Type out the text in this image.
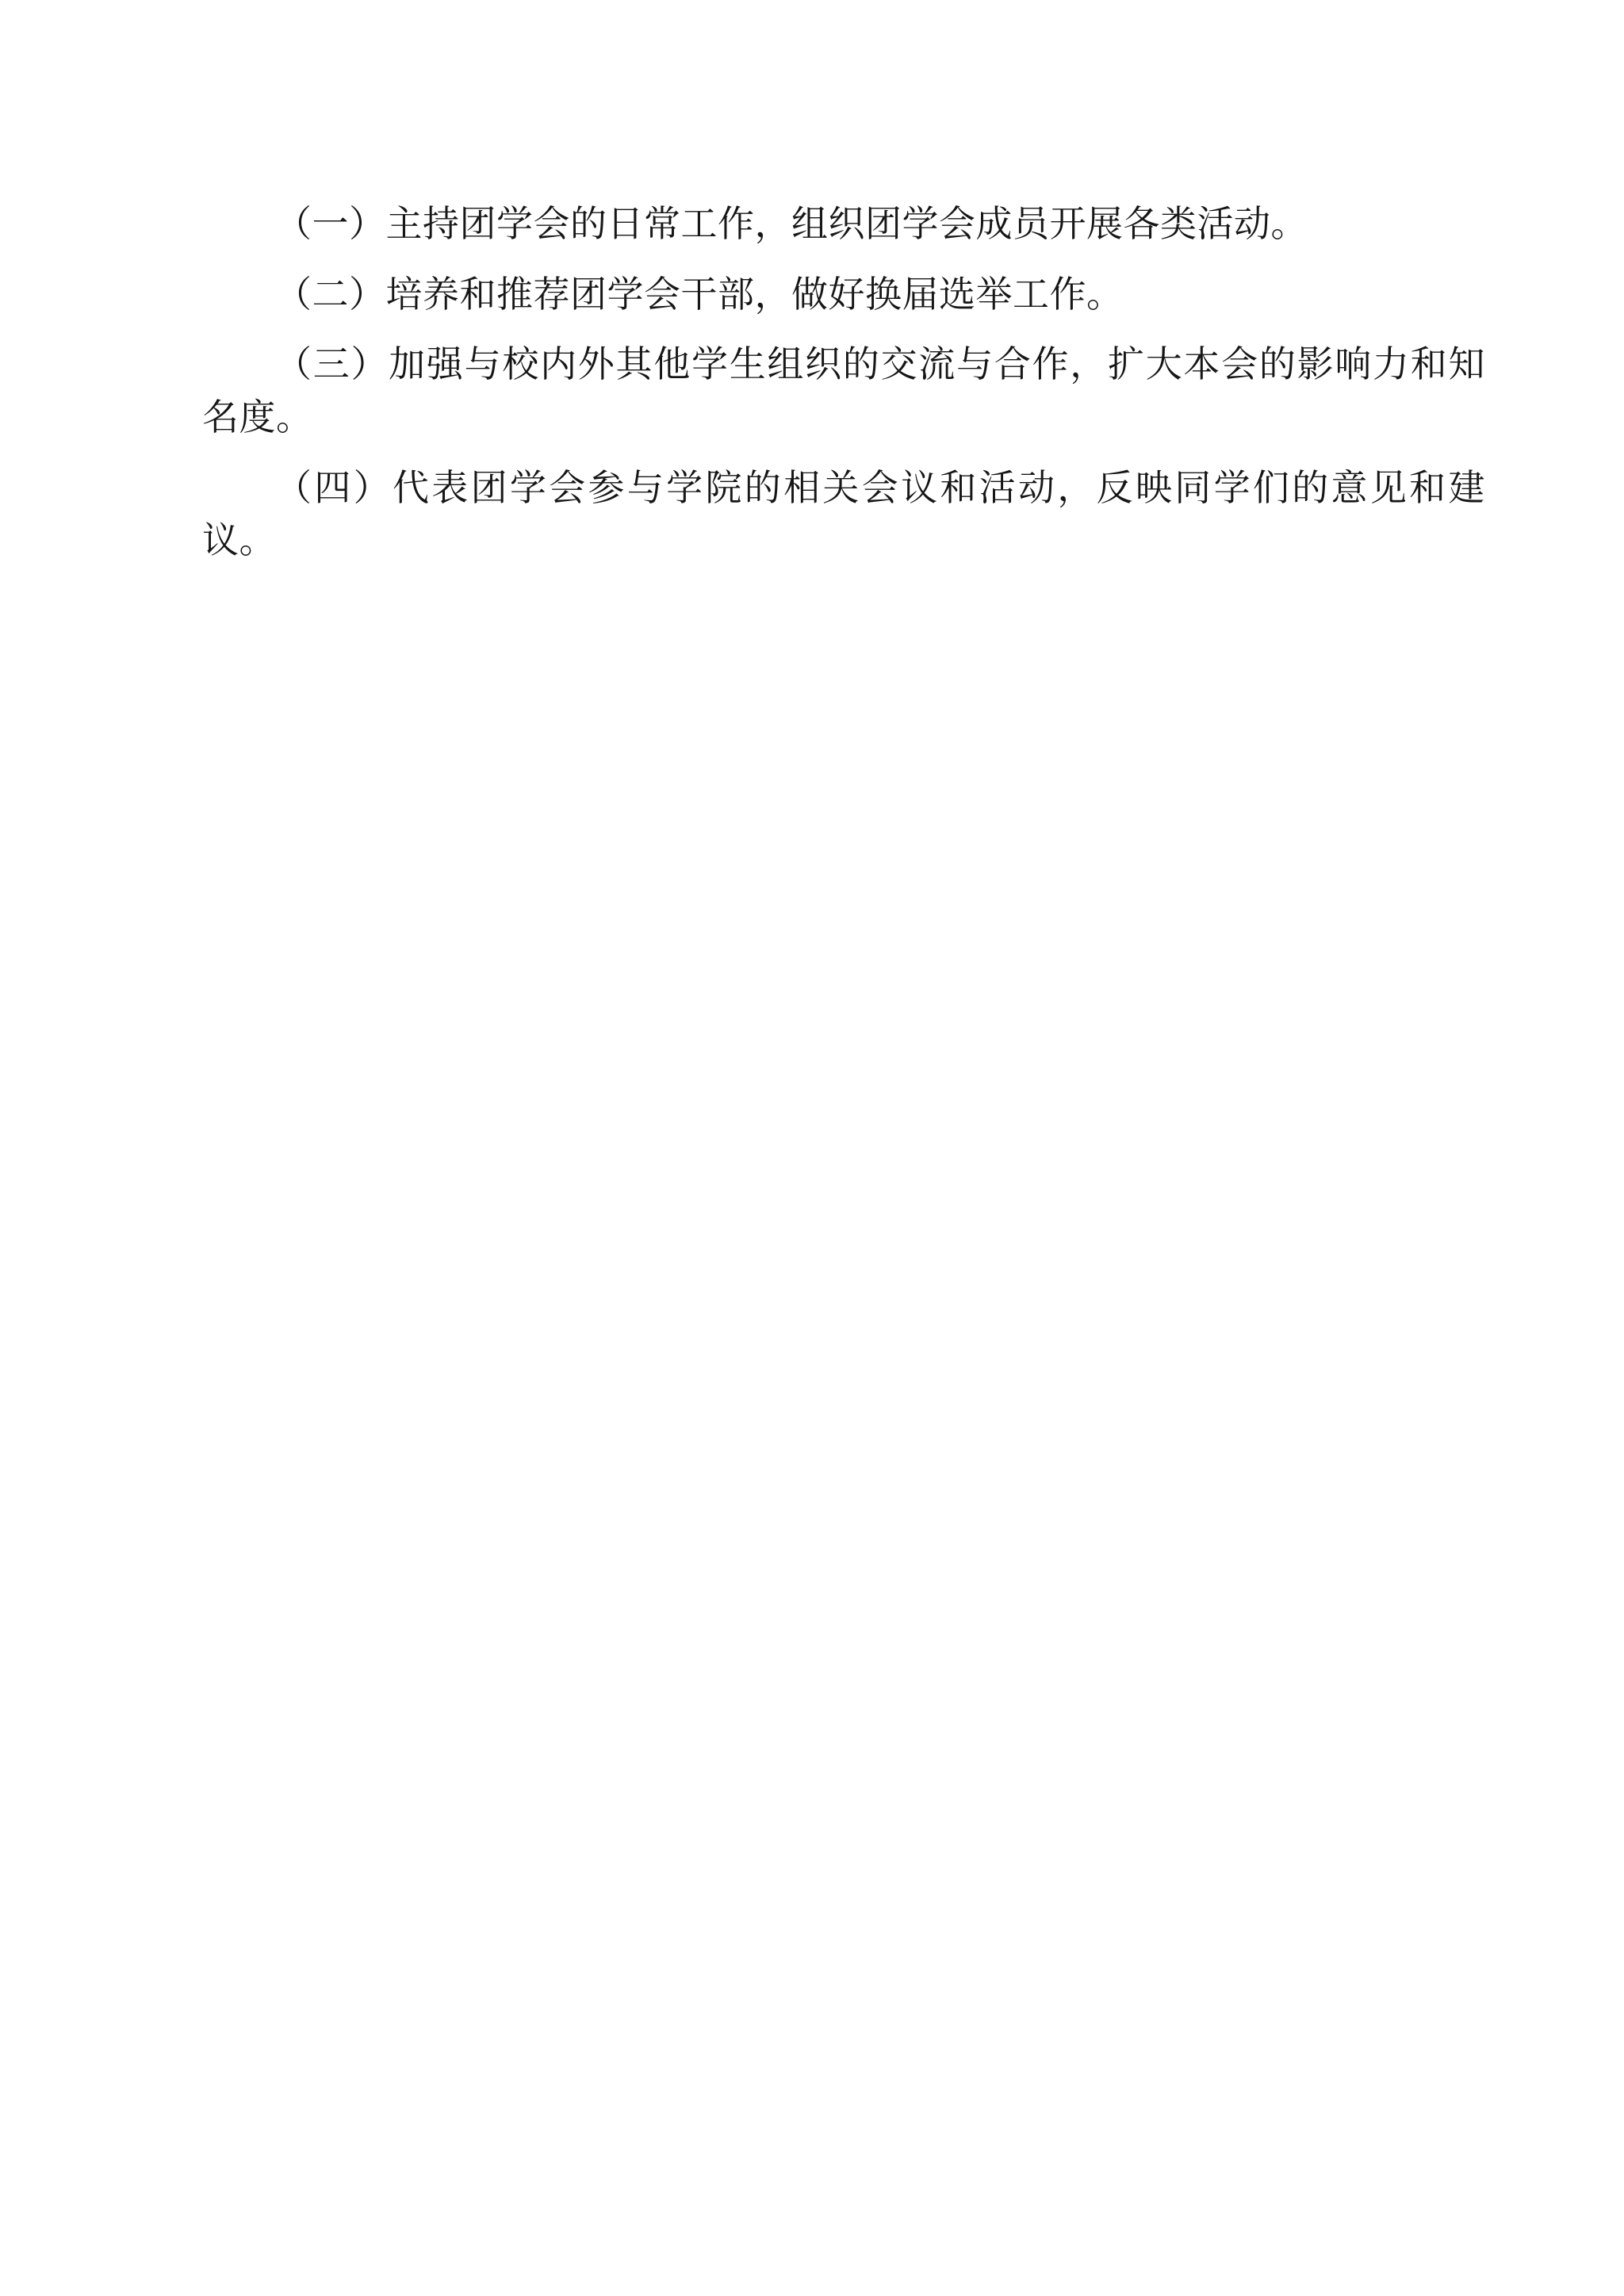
（一）主持团学会的日常工作，组织团学会成员开展各类活动。

（二）培养和推荐团学会干部，做好换届选举工作。

（三）加强与校内外其他学生组织的交流与合作，扩大本会的影响力和知名度。

（四）代表团学会参与学院的相关会议和活动，反映同学们的意见和建议。
